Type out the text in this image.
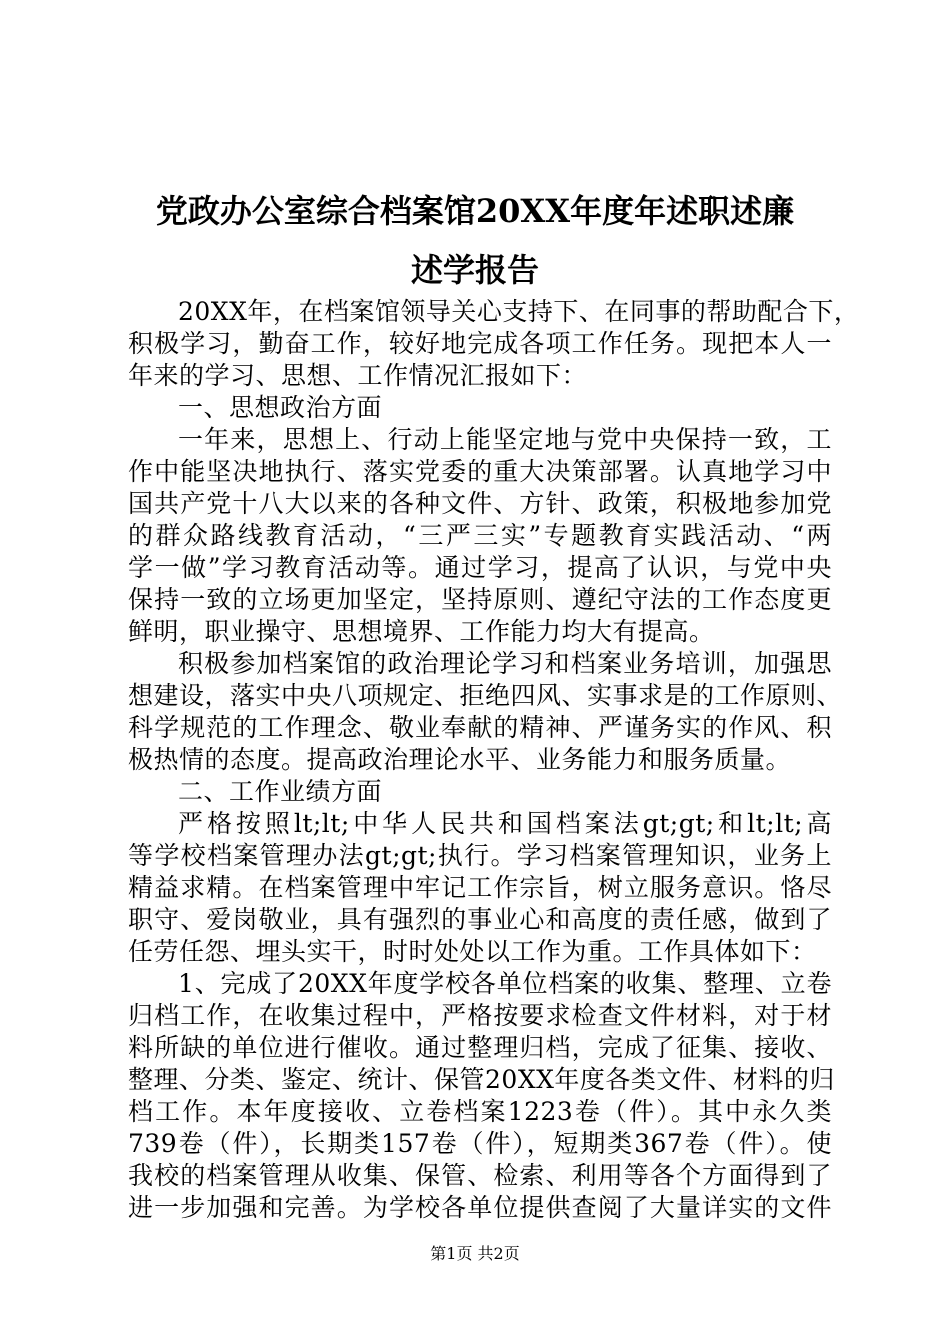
党政办公室综合档案馆20XX年度年述职述廉
述学报告
20XX年，在档案馆领导关心支持下、在同事的帮助配合下，
积极学习，勤奋工作，较好地完成各项工作任务。现把本人一
年来的学习、思想、工作情况汇报如下：
一、思想政治方面
一年来，思想上、行动上能坚定地与党中央保持一致，工
作中能坚决地执行、落实党委的重大决策部署。认真地学习中
国共产党十八大以来的各种文件、方针、政策，积极地参加党
的群众路线教育活动，“三严三实”专题教育实践活动、“两
学一做”学习教育活动等。通过学习，提高了认识，与党中央
保持一致的立场更加坚定，坚持原则、遵纪守法的工作态度更
鲜明，职业操守、思想境界、工作能力均大有提高。
积极参加档案馆的政治理论学习和档案业务培训，加强思
想建设，落实中央八项规定、拒绝四风、实事求是的工作原则、
科学规范的工作理念、敬业奉献的精神、严谨务实的作风、积
极热情的态度。提高政治理论水平、业务能力和服务质量。
二、工作业绩方面
严格按照lt;lt;中华人民共和国档案法gt;gt;和lt;lt;高
等学校档案管理办法gt;gt;执行。学习档案管理知识，业务上
精益求精。在档案管理中牢记工作宗旨，树立服务意识。恪尽
职守、爱岗敬业，具有强烈的事业心和高度的责任感，做到了
任劳任怨、埋头实干，时时处处以工作为重。工作具体如下：
1、完成了20XX年度学校各单位档案的收集、整理、立卷
归档工作，在收集过程中，严格按要求检查文件材料，对于材
料所缺的单位进行催收。通过整理归档，完成了征集、接收、
整理、分类、鉴定、统计、保管20XX年度各类文件、材料的归
档工作。本年度接收、立卷档案1223卷（件）。其中永久类
739卷（件），长期类157卷（件），短期类367卷（件）。使
我校的档案管理从收集、保管、检索、利用等各个方面得到了
进一步加强和完善。为学校各单位提供查阅了大量详实的文件
第1页 共2页
